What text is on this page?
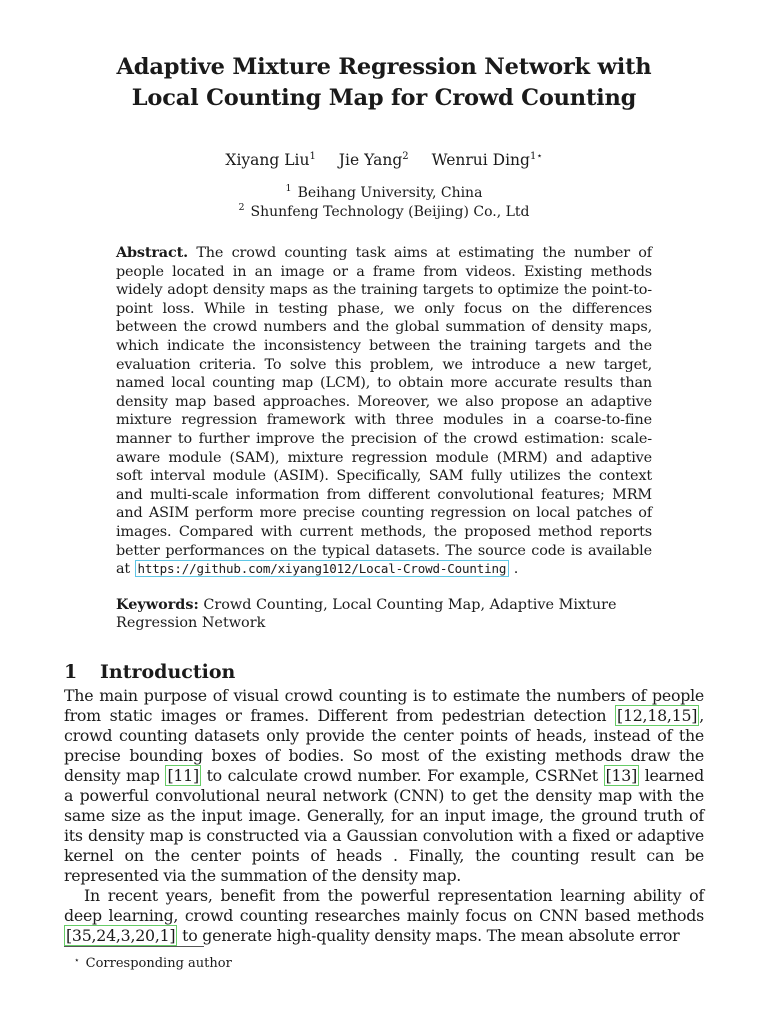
Adaptive Mixture Regression Network with
Local Counting Map for Crowd Counting
Xiyang Liu$^1$ Jie Yang$^2$ Wenrui Ding$^{1⋆}$
$^1$ Beihang University, China
$^2$ Shunfeng Technology (Beijing) Co., Ltd
Abstract. The crowd counting task aims at estimating the number of people located in an image or a frame from videos. Existing methods widely adopt density maps as the training targets to optimize the point-to-point loss. While in testing phase, we only focus on the differences between the crowd numbers and the global summation of density maps, which indicate the inconsistency between the training targets and the evaluation criteria. To solve this problem, we introduce a new target, named local counting map (LCM), to obtain more accurate results than density map based approaches. Moreover, we also propose an adaptive mixture regression framework with three modules in a coarse-to-fine manner to further improve the precision of the crowd estimation: scale-aware module (SAM), mixture regression module (MRM) and adaptive soft interval module (ASIM). Specifically, SAM fully utilizes the context and multi-scale information from different convolutional features; MRM and ASIM perform more precise counting regression on local patches of images. Compared with current methods, the proposed method reports better performances on the typical datasets. The source code is available at https://github.com/xiyang1012/Local-Crowd-Counting .
Keywords: Crowd Counting, Local Counting Map, Adaptive Mixture Regression Network
1 Introduction

The main purpose of visual crowd counting is to estimate the numbers of people from static images or frames. Different from pedestrian detection [12,18,15] , crowd counting datasets only provide the center points of heads, instead of the precise bounding boxes of bodies. So most of the existing methods draw the density map [11] to calculate crowd number. For example, CSRNet [13] learned a powerful convolutional neural network (CNN) to get the density map with the same size as the input image. Generally, for an input image, the ground truth of its density map is constructed via a Gaussian convolution with a fixed or adaptive kernel on the center points of heads . Finally, the counting result can be represented via the summation of the density map.

In recent years, benefit from the powerful representation learning ability of deep learning, crowd counting researches mainly focus on CNN based methods [35,24,3,20,1] to generate high-quality density maps. The mean absolute error

⋆ Corresponding author
